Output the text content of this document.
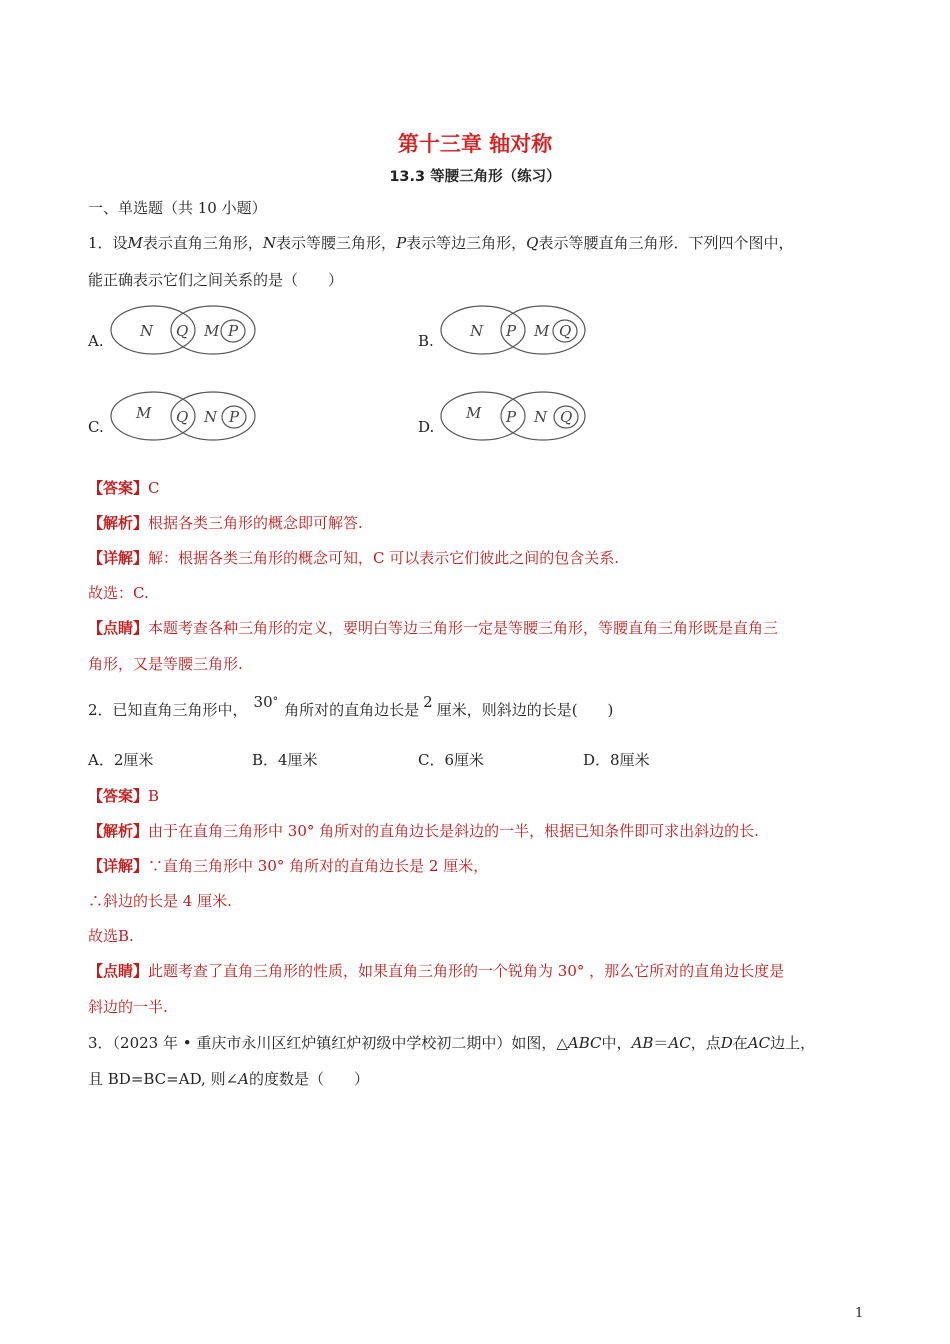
第十三章 轴对称
13.3 等腰三角形（练习）
一、单选题（共 10 小题）
1．设M表示直角三角形，N表示等腰三角形，P表示等边三角形，Q表示等腰直角三角形．下列四个图中，
能正确表示它们之间关系的是（　　）
A.
N Q M P
B.
N P M Q
C.
M Q N P
D.
M P N Q
【答案】C
【解析】根据各类三角形的概念即可解答.
【详解】解：根据各类三角形的概念可知，C 可以表示它们彼此之间的包含关系.
故选：C.
【点睛】本题考查各种三角形的定义，要明白等边三角形一定是等腰三角形，等腰直角三角形既是直角三
角形，又是等腰三角形.
2．已知直角三角形中， 30° 角所对的直角边长是 2 厘米，则斜边的长是(　　)
A．2厘米	B．4厘米	C．6厘米	D．8厘米
【答案】B
【解析】由于在直角三角形中 30° 角所对的直角边长是斜边的一半，根据已知条件即可求出斜边的长.
【详解】∵直角三角形中 30° 角所对的直角边长是 2 厘米，
∴斜边的长是 4 厘米.
故选B.
【点睛】此题考查了直角三角形的性质，如果直角三角形的一个锐角为 30° ，那么它所对的直角边长度是
斜边的一半.
3．（2023 年 • 重庆市永川区红炉镇红炉初级中学校初二期中）如图，△ABC中，AB＝AC，点D在AC边上，
且 BD=BC=AD, 则∠A的度数是（　　）
1
